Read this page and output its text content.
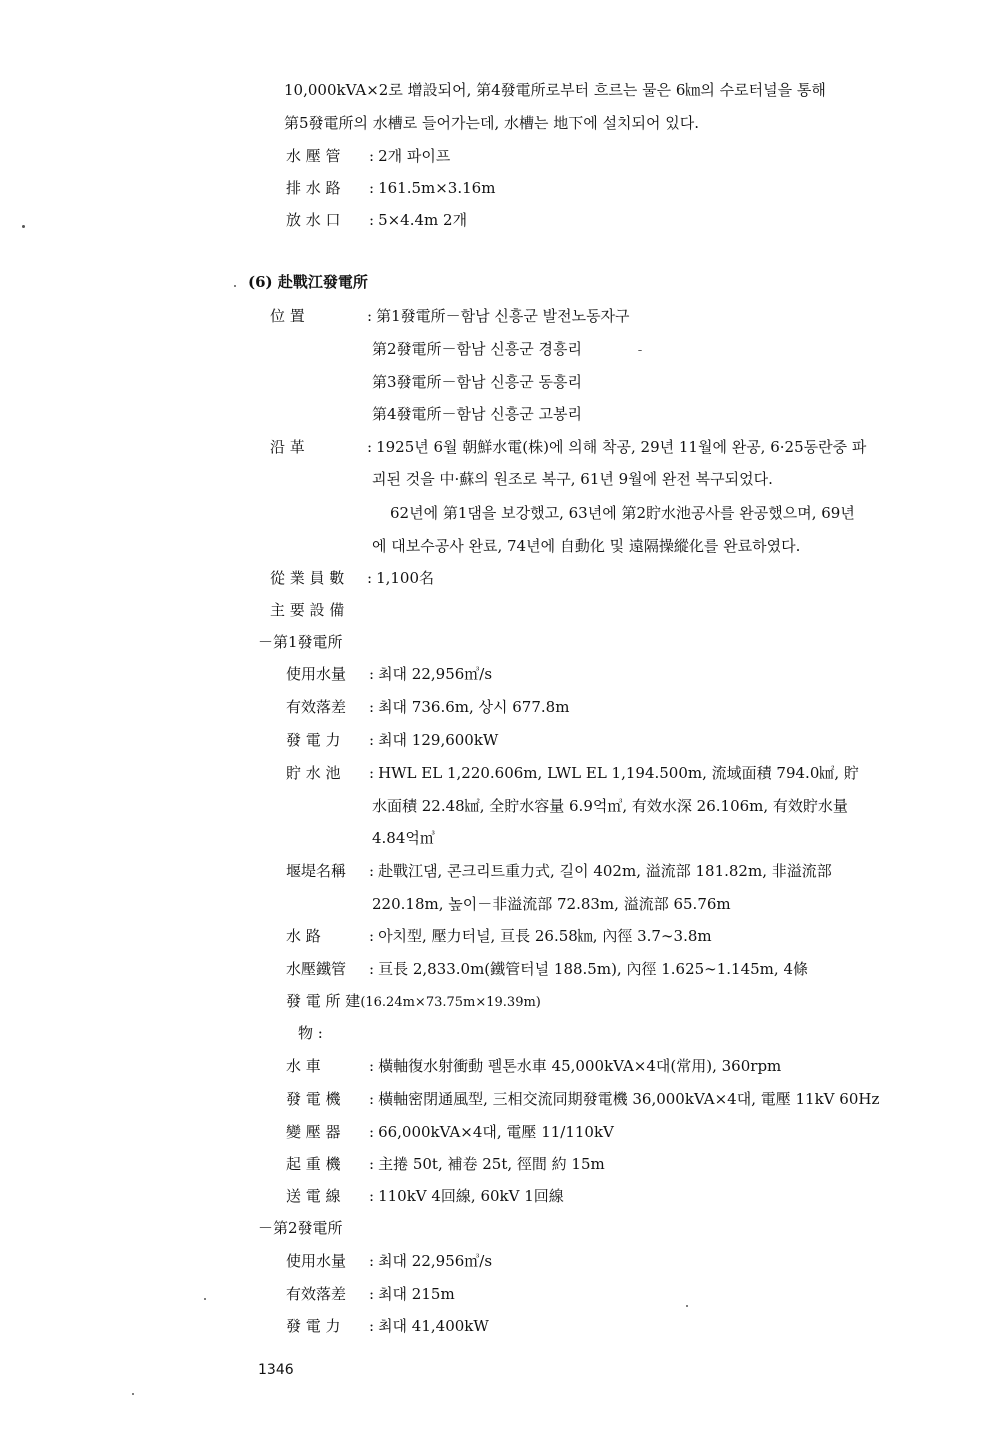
10,000kVA×2로 增設되어, 第4發電所로부터 흐르는 물은 6㎞의 수로터널을 통해
第5發電所의 水槽로 들어가는데, 水槽는 地下에 설치되어 있다.
水 壓 管 : 2개 파이프
排 水 路 : 161.5m×3.16m
放 水 口 : 5×4.4m 2개
(6) 赴戰江發電所
位 置	: 第1發電所－함남 신흥군 발전노동자구
第2發電所－함남 신흥군 경흥리
第3發電所－함남 신흥군 동흥리
第4發電所－함남 신흥군 고봉리
沿 革	: 1925년 6월 朝鮮水電(株)에 의해 착공, 29년 11월에 완공, 6·25동란중 파
괴된 것을 中·蘇의 원조로 복구, 61년 9월에 완전 복구되었다.
62년에 第1댐을 보강했고, 63년에 第2貯水池공사를 완공했으며, 69년
에 대보수공사 완료, 74년에 自動化 및 遠隔操縱化를 완료하였다.
從 業 員 數 : 1,100名
主 要 設 備
－第1發電所
使用水量 : 최대 22,956㎥/s
有效落差 : 최대 736.6m, 상시 677.8m
發 電 力 : 최대 129,600kW
貯 水 池 : HWL EL 1,220.606m, LWL EL 1,194.500m, 流域面積 794.0㎢, 貯
水面積 22.48㎢, 全貯水容量 6.9억㎥, 有效水深 26.106m, 有效貯水量
4.84억㎥
堰堤名稱 : 赴戰江댐, 콘크리트重力式, 길이 402m, 溢流部 181.82m, 非溢流部
220.18m, 높이－非溢流部 72.83m, 溢流部 65.76m
水 路	: 아치型, 壓力터널, 亘長 26.58㎞, 內徑 3.7∼3.8m
水壓鐵管 : 亘長 2,833.0m(鐵管터널 188.5m), 內徑 1.625∼1.145m, 4條
發 電 所 建(16.24m×73.75m×19.39m)
物 :
水 車	: 橫軸復水射衝動 펠톤水車 45,000kVA×4대(常用), 360rpm
發 電 機 : 橫軸密閉通風型, 三相交流同期發電機 36,000kVA×4대, 電壓 11kV 60Hz
變 壓 器 : 66,000kVA×4대, 電壓 11/110kV
起 重 機 : 主捲 50t, 補卷 25t, 徑間 約 15m
送 電 線 : 110kV 4回線, 60kV 1回線
－第2發電所
使用水量 : 최대 22,956㎥/s
有效落差 : 최대 215m
發 電 力 : 최대 41,400kW
1346
